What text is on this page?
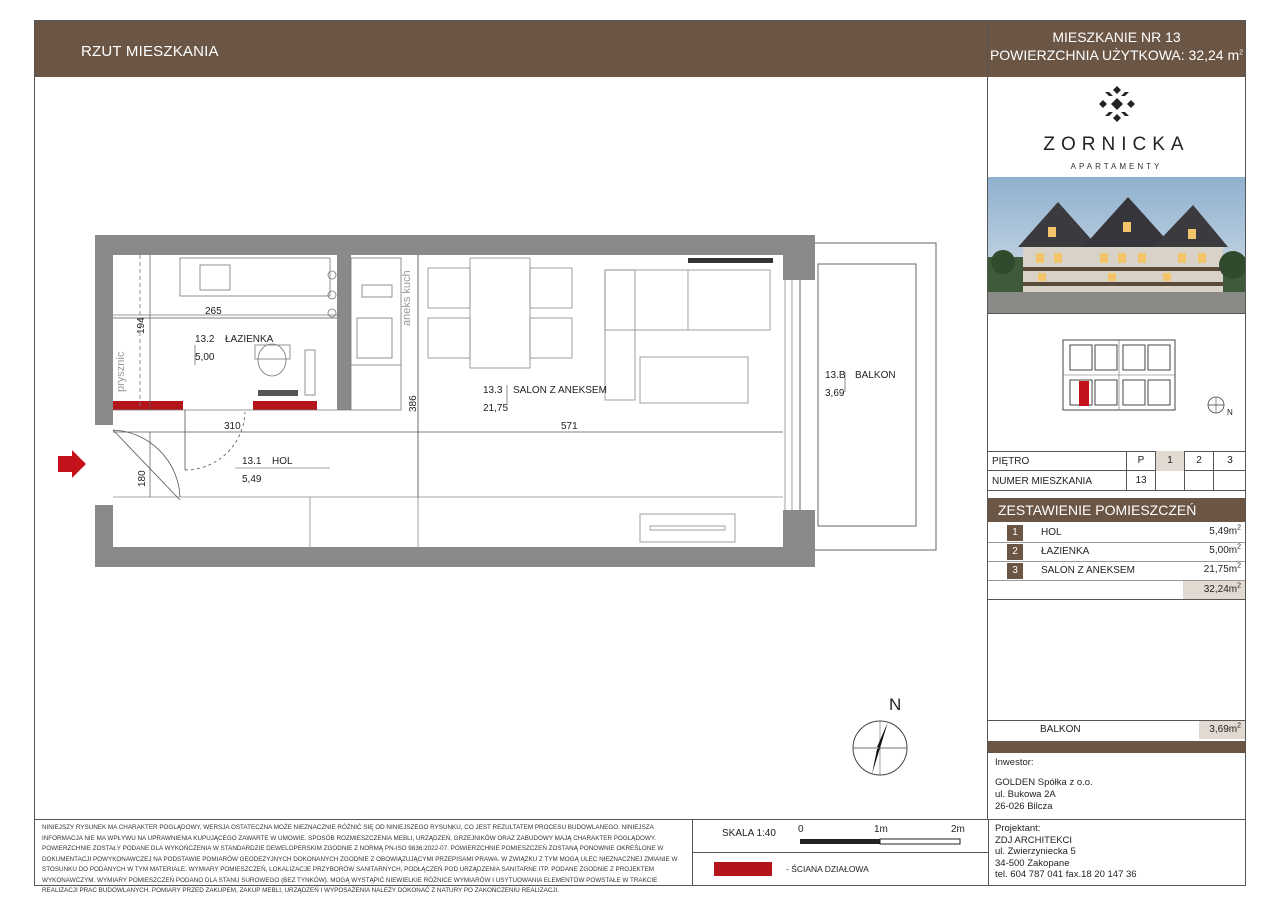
RZUT MIESZKANIA
MIESZKANIE NR 13
POWIERZCHNIA UŻYTKOWA: 32,24 $m^2$
ZORNICKA
APARTAMENTY
N
PIĘTRO	P	1	2	3
NUMER MIESZKANIA	13
ZESTAWIENIE POMIESZCZEŃ
1	HOL	$5,49m^2$
2	ŁAZIENKA	$5,00m^2$
3	SALON Z ANEKSEM	$21,75m^2$
$32,24m^2$
BALKON	$3,69m^2$
Inwestor:
GOLDEN Spółka z o.o.
ul. Bukowa 2A
26-026 Bilcza
Projektant:
ZDJ ARCHITEKCI
ul. Zwierzyniecka 5
34-500 Zakopane
tel. 604 787 041 fax.18 20 147 36
NINIEJSZY RYSUNEK MA CHARAKTER POGLĄDOWY, WERSJA OSTATECZNA MOŻE NIEZNACZNIE RÓŻNIĆ SIĘ OD NINIEJSZEGO RYSUNKU, CO JEST REZULTATEM PROCESU BUDOWLANEGO. NINIEJSZA INFORMACJA NIE MA WPŁYWU NA UPRAWNIENIA KUPUJĄCEGO ZAWARTE W UMOWIE. SPOSÓB ROZMIESZCZENIA MEBLI, URZĄDZEŃ, GRZEJNIKÓW ORAZ ZABUDOWY MAJĄ CHARAKTER POGLĄDOWY. POWIERZCHNIE ZOSTAŁY PODANE DLA WYKOŃCZENIA W STANDARDZIE DEWELOPERSKIM ZGODNIE Z NORMĄ PN-ISO 9836:2022-07. POWIERZCHNIE POMIESZCZEŃ ZOSTANĄ PONOWNIE OKREŚLONE W DOKUMENTACJI POWYKONAWCZEJ NA PODSTAWIE POMIARÓW GEODEZYJNYCH DOKONANYCH ZGODNIE Z OBOWIĄZUJĄCYMI PRZEPISAMI PRAWA. W ZWIĄZKU Z TYM MOGĄ ULEC NIEZNACZNEJ ZMIANIE W STOSUNKU DO PODANYCH W TYM MATERIALE. WYMIARY POMIESZCZEŃ, LOKALIZACJE PRZYBORÓW SANITARNYCH, PODŁĄCZEŃ POD URZĄDZENIA SANITARNE ITP. PODANE ZGODNIE Z PROJEKTEM WYKONAWCZYM. WYMIARY POMIESZCZEŃ PODANO DLA STANU SUROWEGO (BEZ TYNKÓW). MOGĄ WYSTĄPIĆ NIEWIELKIE RÓŻNICE WYMIARÓW I USYTUOWANIA ELEMENTÓW POWSTAŁE W TRAKCIE REALIZACJI PRAC BUDOWLANYCH. POMIARY PRZED ZAKUPEM, ZAKUP MEBLI, URZĄDZEŃ I WYPOSAŻENIA NALEŻY DOKONAĆ Z NATURY PO ZAKOŃCZENIU REALIZACJI.
SKALA 1:40 0	1m	2m
- ŚCIANA DZIAŁOWA
265
194
310	571
386
180
prysznic
aneks kuch
13.2 ŁAZIENKA
5,00
13.1 HOL
5,49
13.3 SALON Z ANEKSEM
21,75
13.B BALKON
3,69
N
